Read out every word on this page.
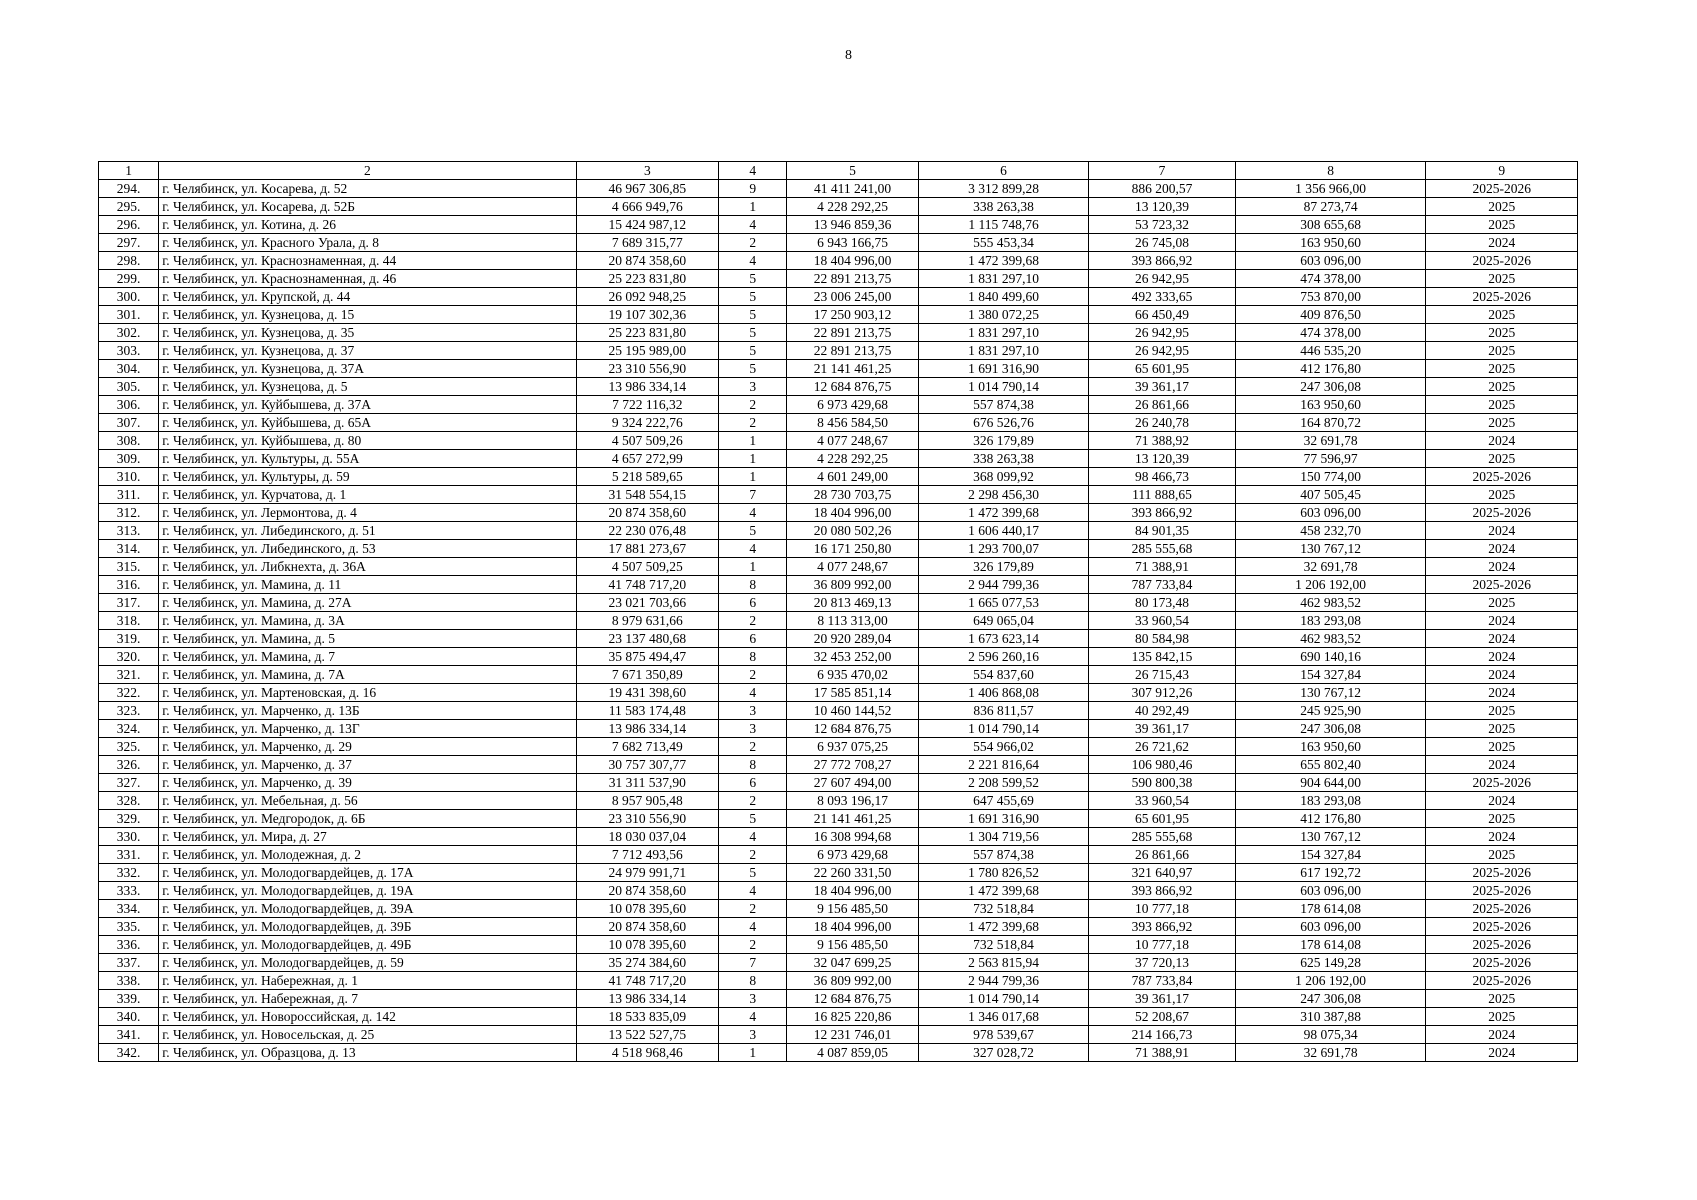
8
1	2	3	4	5	6	7	8	9
294.	г. Челябинск, ул. Косарева, д. 52	46 967 306,85	9	41 411 241,00	3 312 899,28	886 200,57	1 356 966,00	2025-2026
295.	г. Челябинск, ул. Косарева, д. 52Б	4 666 949,76	1	4 228 292,25	338 263,38	13 120,39	87 273,74	2025
296.	г. Челябинск, ул. Котина, д. 26	15 424 987,12	4	13 946 859,36	1 115 748,76	53 723,32	308 655,68	2025
297.	г. Челябинск, ул. Красного Урала, д. 8	7 689 315,77	2	6 943 166,75	555 453,34	26 745,08	163 950,60	2024
298.	г. Челябинск, ул. Краснознаменная, д. 44	20 874 358,60	4	18 404 996,00	1 472 399,68	393 866,92	603 096,00	2025-2026
299.	г. Челябинск, ул. Краснознаменная, д. 46	25 223 831,80	5	22 891 213,75	1 831 297,10	26 942,95	474 378,00	2025
300.	г. Челябинск, ул. Крупской, д. 44	26 092 948,25	5	23 006 245,00	1 840 499,60	492 333,65	753 870,00	2025-2026
301.	г. Челябинск, ул. Кузнецова, д. 15	19 107 302,36	5	17 250 903,12	1 380 072,25	66 450,49	409 876,50	2025
302.	г. Челябинск, ул. Кузнецова, д. 35	25 223 831,80	5	22 891 213,75	1 831 297,10	26 942,95	474 378,00	2025
303.	г. Челябинск, ул. Кузнецова, д. 37	25 195 989,00	5	22 891 213,75	1 831 297,10	26 942,95	446 535,20	2025
304.	г. Челябинск, ул. Кузнецова, д. 37А	23 310 556,90	5	21 141 461,25	1 691 316,90	65 601,95	412 176,80	2025
305.	г. Челябинск, ул. Кузнецова, д. 5	13 986 334,14	3	12 684 876,75	1 014 790,14	39 361,17	247 306,08	2025
306.	г. Челябинск, ул. Куйбышева, д. 37А	7 722 116,32	2	6 973 429,68	557 874,38	26 861,66	163 950,60	2025
307.	г. Челябинск, ул. Куйбышева, д. 65А	9 324 222,76	2	8 456 584,50	676 526,76	26 240,78	164 870,72	2025
308.	г. Челябинск, ул. Куйбышева, д. 80	4 507 509,26	1	4 077 248,67	326 179,89	71 388,92	32 691,78	2024
309.	г. Челябинск, ул. Культуры, д. 55А	4 657 272,99	1	4 228 292,25	338 263,38	13 120,39	77 596,97	2025
310.	г. Челябинск, ул. Культуры, д. 59	5 218 589,65	1	4 601 249,00	368 099,92	98 466,73	150 774,00	2025-2026
311.	г. Челябинск, ул. Курчатова, д. 1	31 548 554,15	7	28 730 703,75	2 298 456,30	111 888,65	407 505,45	2025
312.	г. Челябинск, ул. Лермонтова, д. 4	20 874 358,60	4	18 404 996,00	1 472 399,68	393 866,92	603 096,00	2025-2026
313.	г. Челябинск, ул. Либединского, д. 51	22 230 076,48	5	20 080 502,26	1 606 440,17	84 901,35	458 232,70	2024
314.	г. Челябинск, ул. Либединского, д. 53	17 881 273,67	4	16 171 250,80	1 293 700,07	285 555,68	130 767,12	2024
315.	г. Челябинск, ул. Либкнехта, д. 36А	4 507 509,25	1	4 077 248,67	326 179,89	71 388,91	32 691,78	2024
316.	г. Челябинск, ул. Мамина, д. 11	41 748 717,20	8	36 809 992,00	2 944 799,36	787 733,84	1 206 192,00	2025-2026
317.	г. Челябинск, ул. Мамина, д. 27А	23 021 703,66	6	20 813 469,13	1 665 077,53	80 173,48	462 983,52	2025
318.	г. Челябинск, ул. Мамина, д. 3А	8 979 631,66	2	8 113 313,00	649 065,04	33 960,54	183 293,08	2024
319.	г. Челябинск, ул. Мамина, д. 5	23 137 480,68	6	20 920 289,04	1 673 623,14	80 584,98	462 983,52	2024
320.	г. Челябинск, ул. Мамина, д. 7	35 875 494,47	8	32 453 252,00	2 596 260,16	135 842,15	690 140,16	2024
321.	г. Челябинск, ул. Мамина, д. 7А	7 671 350,89	2	6 935 470,02	554 837,60	26 715,43	154 327,84	2024
322.	г. Челябинск, ул. Мартеновская, д. 16	19 431 398,60	4	17 585 851,14	1 406 868,08	307 912,26	130 767,12	2024
323.	г. Челябинск, ул. Марченко, д. 13Б	11 583 174,48	3	10 460 144,52	836 811,57	40 292,49	245 925,90	2025
324.	г. Челябинск, ул. Марченко, д. 13Г	13 986 334,14	3	12 684 876,75	1 014 790,14	39 361,17	247 306,08	2025
325.	г. Челябинск, ул. Марченко, д. 29	7 682 713,49	2	6 937 075,25	554 966,02	26 721,62	163 950,60	2025
326.	г. Челябинск, ул. Марченко, д. 37	30 757 307,77	8	27 772 708,27	2 221 816,64	106 980,46	655 802,40	2024
327.	г. Челябинск, ул. Марченко, д. 39	31 311 537,90	6	27 607 494,00	2 208 599,52	590 800,38	904 644,00	2025-2026
328.	г. Челябинск, ул. Мебельная, д. 56	8 957 905,48	2	8 093 196,17	647 455,69	33 960,54	183 293,08	2024
329.	г. Челябинск, ул. Медгородок, д. 6Б	23 310 556,90	5	21 141 461,25	1 691 316,90	65 601,95	412 176,80	2025
330.	г. Челябинск, ул. Мира, д. 27	18 030 037,04	4	16 308 994,68	1 304 719,56	285 555,68	130 767,12	2024
331.	г. Челябинск, ул. Молодежная, д. 2	7 712 493,56	2	6 973 429,68	557 874,38	26 861,66	154 327,84	2025
332.	г. Челябинск, ул. Молодогвардейцев, д. 17А	24 979 991,71	5	22 260 331,50	1 780 826,52	321 640,97	617 192,72	2025-2026
333.	г. Челябинск, ул. Молодогвардейцев, д. 19А	20 874 358,60	4	18 404 996,00	1 472 399,68	393 866,92	603 096,00	2025-2026
334.	г. Челябинск, ул. Молодогвардейцев, д. 39А	10 078 395,60	2	9 156 485,50	732 518,84	10 777,18	178 614,08	2025-2026
335.	г. Челябинск, ул. Молодогвардейцев, д. 39Б	20 874 358,60	4	18 404 996,00	1 472 399,68	393 866,92	603 096,00	2025-2026
336.	г. Челябинск, ул. Молодогвардейцев, д. 49Б	10 078 395,60	2	9 156 485,50	732 518,84	10 777,18	178 614,08	2025-2026
337.	г. Челябинск, ул. Молодогвардейцев, д. 59	35 274 384,60	7	32 047 699,25	2 563 815,94	37 720,13	625 149,28	2025-2026
338.	г. Челябинск, ул. Набережная, д. 1	41 748 717,20	8	36 809 992,00	2 944 799,36	787 733,84	1 206 192,00	2025-2026
339.	г. Челябинск, ул. Набережная, д. 7	13 986 334,14	3	12 684 876,75	1 014 790,14	39 361,17	247 306,08	2025
340.	г. Челябинск, ул. Новороссийская, д. 142	18 533 835,09	4	16 825 220,86	1 346 017,68	52 208,67	310 387,88	2025
341.	г. Челябинск, ул. Новосельская, д. 25	13 522 527,75	3	12 231 746,01	978 539,67	214 166,73	98 075,34	2024
342.	г. Челябинск, ул. Образцова, д. 13	4 518 968,46	1	4 087 859,05	327 028,72	71 388,91	32 691,78	2024
